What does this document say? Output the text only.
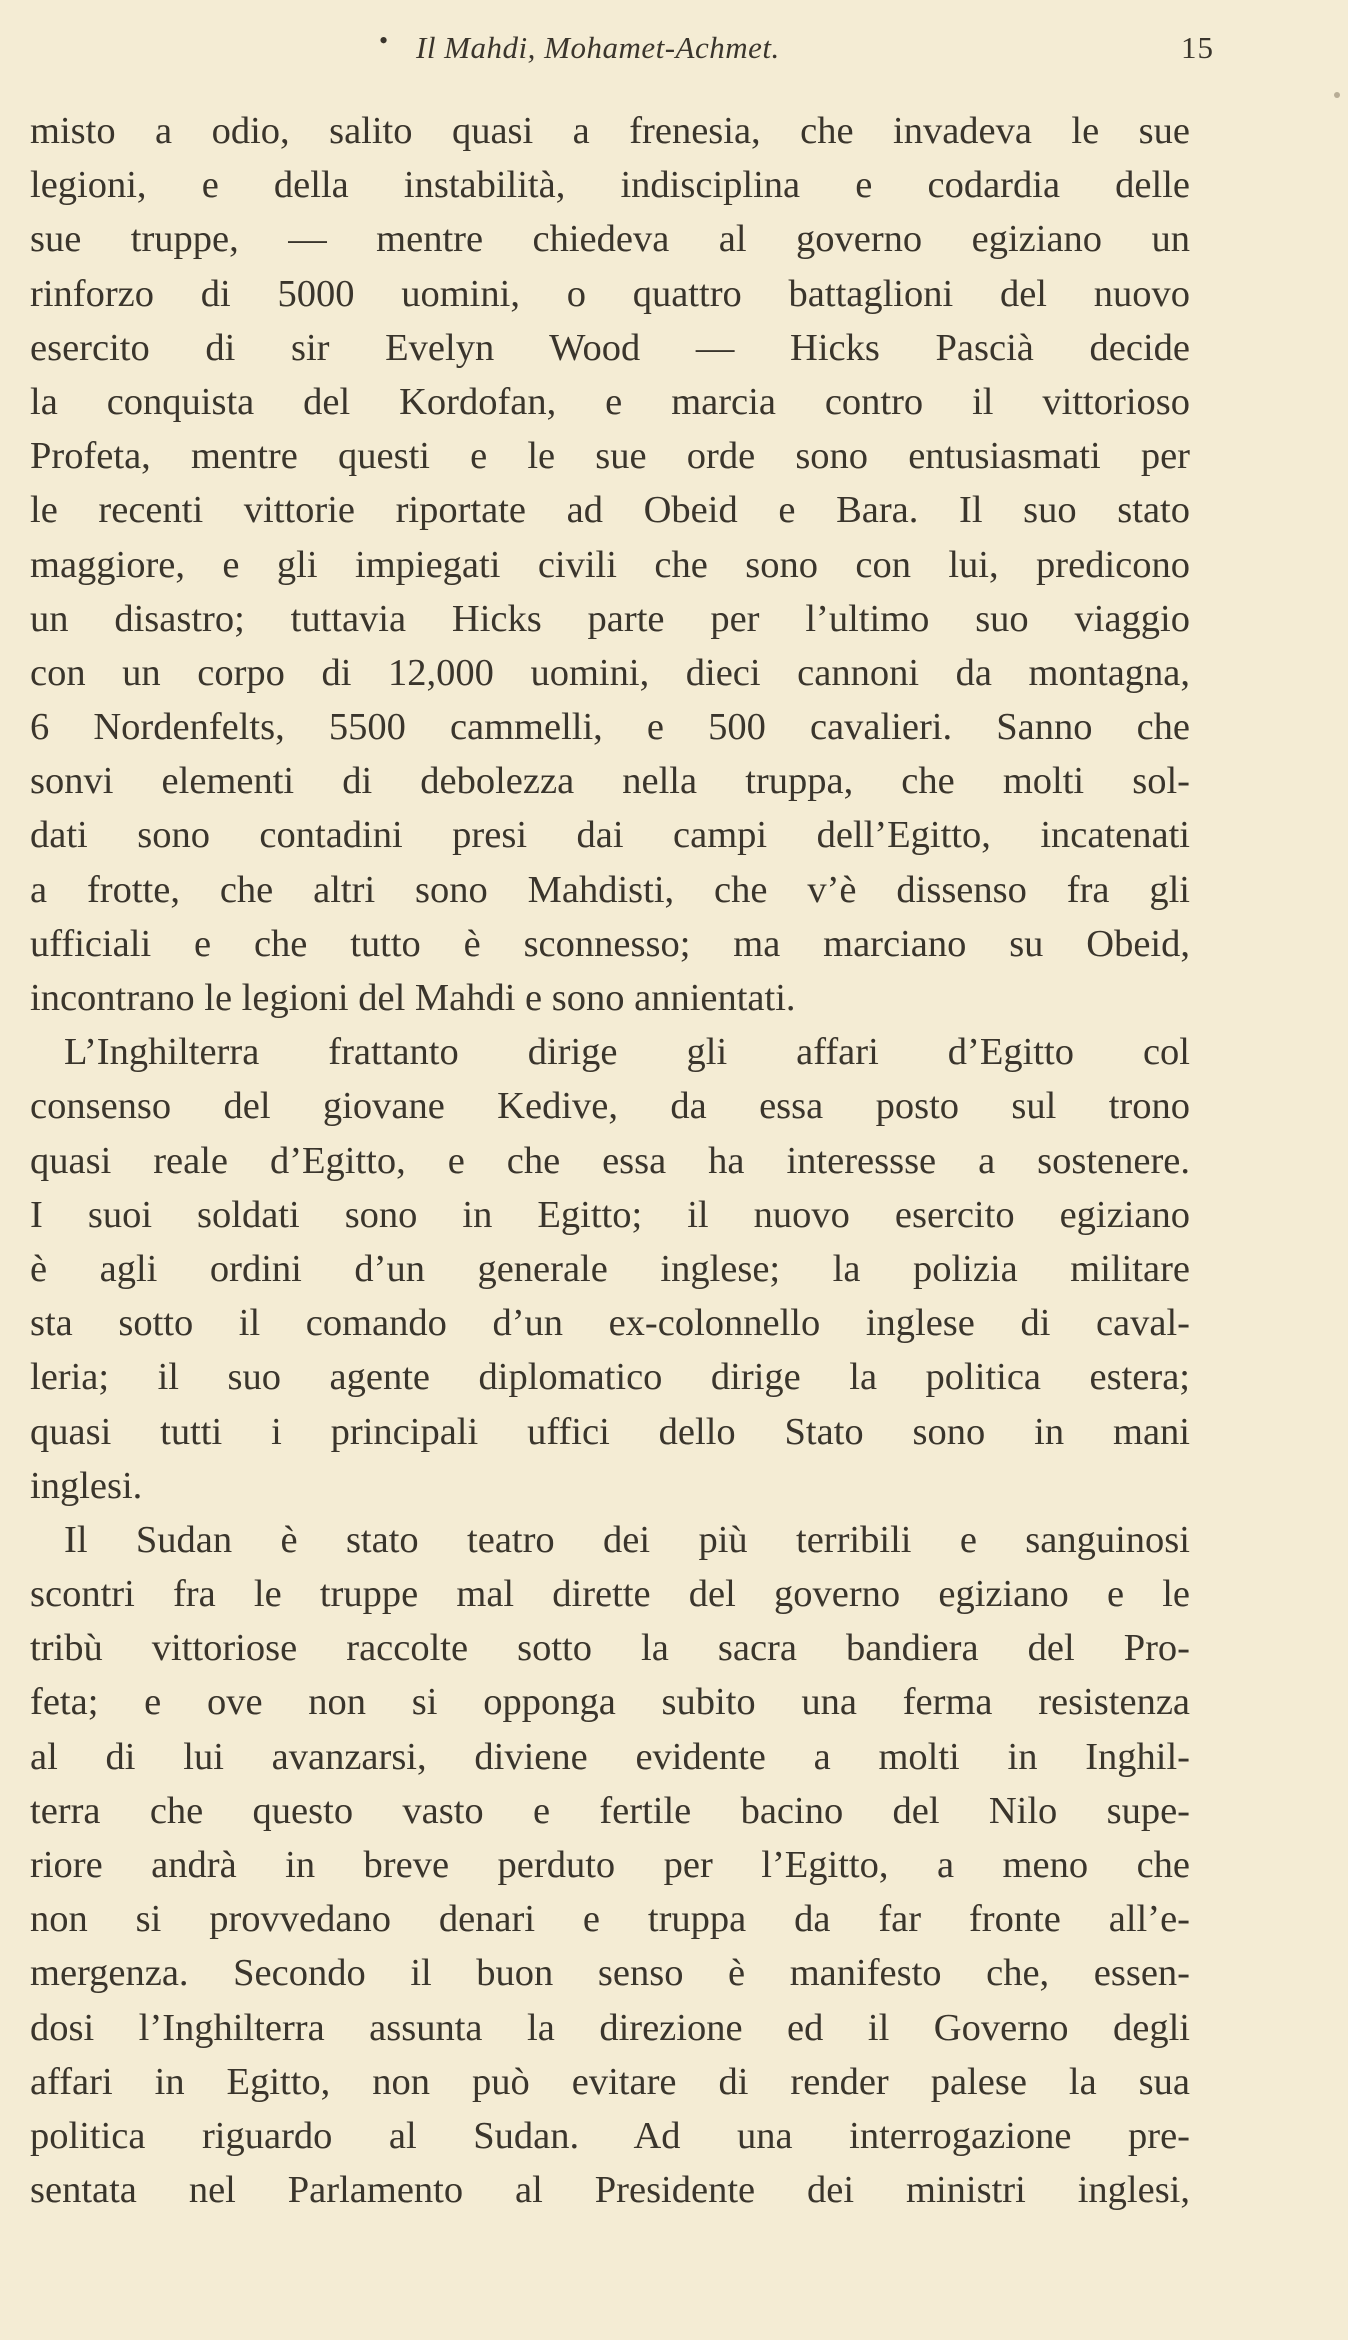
• Il Mahdi, Mohamet-Achmet.	15
misto a odio, salito quasi a frenesia, che invadeva le sue
legioni, e della instabilità, indisciplina e codardia delle
sue truppe, — mentre chiedeva al governo egiziano un
rinforzo di 5000 uomini, o quattro battaglioni del nuovo
esercito di sir Evelyn Wood — Hicks Pascià decide
la conquista del Kordofan, e marcia contro il vittorioso
Profeta, mentre questi e le sue orde sono entusiasmati per
le recenti vittorie riportate ad Obeid e Bara. Il suo stato
maggiore, e gli impiegati civili che sono con lui, predicono
un disastro; tuttavia Hicks parte per l’ultimo suo viaggio
con un corpo di 12,000 uomini, dieci cannoni da montagna,
6 Nordenfelts, 5500 cammelli, e 500 cavalieri. Sanno che
sonvi elementi di debolezza nella truppa, che molti sol-
dati sono contadini presi dai campi dell’Egitto, incatenati
a frotte, che altri sono Mahdisti, che v’è dissenso fra gli
ufficiali e che tutto è sconnesso; ma marciano su Obeid,
incontrano le legioni del Mahdi e sono annientati.
L’Inghilterra frattanto dirige gli affari d’Egitto col
consenso del giovane Kedive, da essa posto sul trono
quasi reale d’Egitto, e che essa ha interessse a sostenere.
I suoi soldati sono in Egitto; il nuovo esercito egiziano
è agli ordini d’un generale inglese; la polizia militare
sta sotto il comando d’un ex-colonnello inglese di caval-
leria; il suo agente diplomatico dirige la politica estera;
quasi tutti i principali uffici dello Stato sono in mani
inglesi.
Il Sudan è stato teatro dei più terribili e sanguinosi
scontri fra le truppe mal dirette del governo egiziano e le
tribù vittoriose raccolte sotto la sacra bandiera del Pro-
feta; e ove non si opponga subito una ferma resistenza
al di lui avanzarsi, diviene evidente a molti in Inghil-
terra che questo vasto e fertile bacino del Nilo supe-
riore andrà in breve perduto per l’Egitto, a meno che
non si provvedano denari e truppa da far fronte all’e-
mergenza. Secondo il buon senso è manifesto che, essen-
dosi l’Inghilterra assunta la direzione ed il Governo degli
affari in Egitto, non può evitare di render palese la sua
politica riguardo al Sudan. Ad una interrogazione pre-
sentata nel Parlamento al Presidente dei ministri inglesi,
